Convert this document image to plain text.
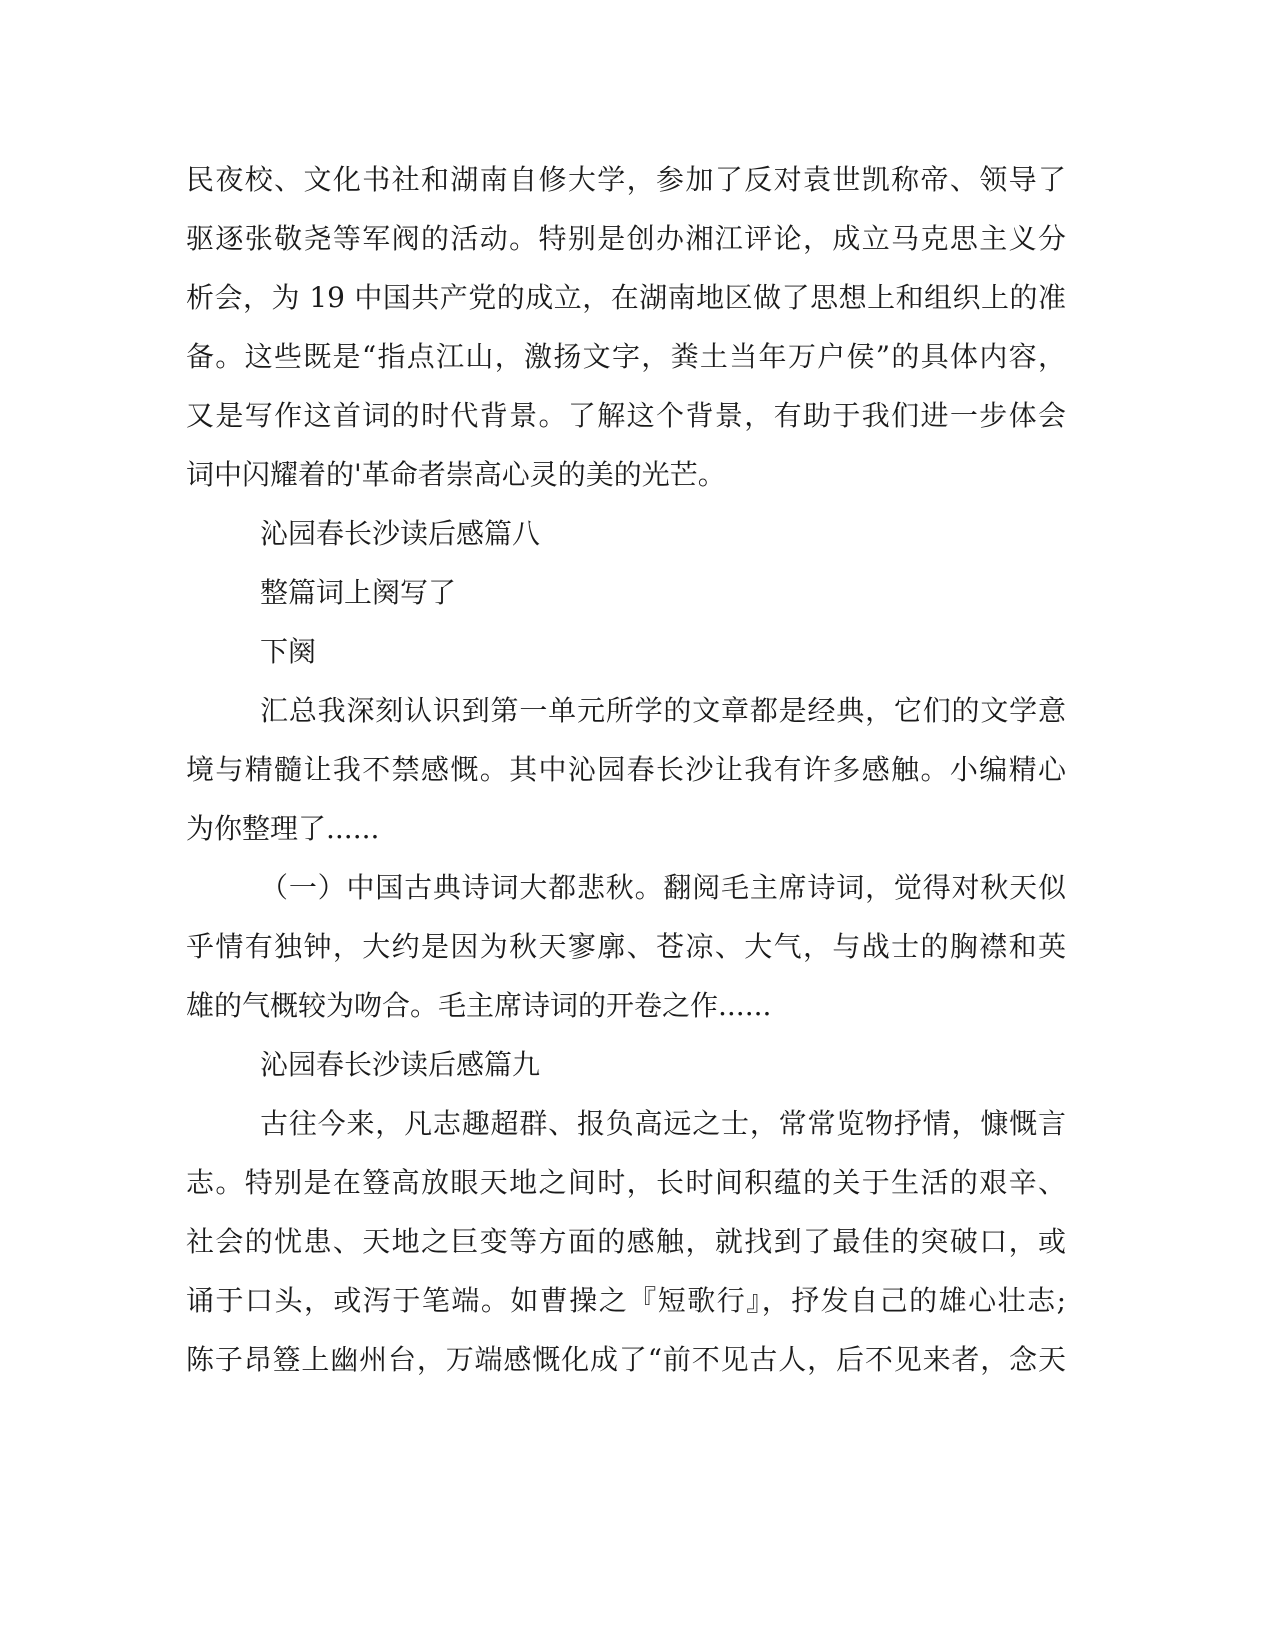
民夜校、文化书社和湖南自修大学，参加了反对袁世凯称帝、领导了
驱逐张敬尧等军阀的活动。特别是创办湘江评论，成立马克思主义分
析会，为 19 中国共产党的成立，在湖南地区做了思想上和组织上的准
备。这些既是“指点江山，激扬文字，粪土当年万户侯”的具体内容，
又是写作这首词的时代背景。了解这个背景，有助于我们进一步体会
词中闪耀着的'革命者崇高心灵的美的光芒。
沁园春长沙读后感篇八
整篇词上阕写了
下阕
汇总我深刻认识到第一单元所学的文章都是经典，它们的文学意
境与精髓让我不禁感慨。其中沁园春长沙让我有许多感触。小编精心
为你整理了......
（一）中国古典诗词大都悲秋。翻阅毛主席诗词，觉得对秋天似
乎情有独钟，大约是因为秋天寥廓、苍凉、大气，与战士的胸襟和英
雄的气概较为吻合。毛主席诗词的开卷之作......
沁园春长沙读后感篇九
古往今来，凡志趣超群、报负高远之士，常常览物抒情，慷慨言
志。特别是在簦高放眼天地之间时，长时间积蕴的关于生活的艰辛、
社会的忧患、天地之巨变等方面的感触，就找到了最佳的突破口，或
诵于口头，或泻于笔端。如曹操之『短歌行』，抒发自己的雄心壮志;
陈子昂簦上幽州台，万端感慨化成了“前不见古人，后不见来者，念天
